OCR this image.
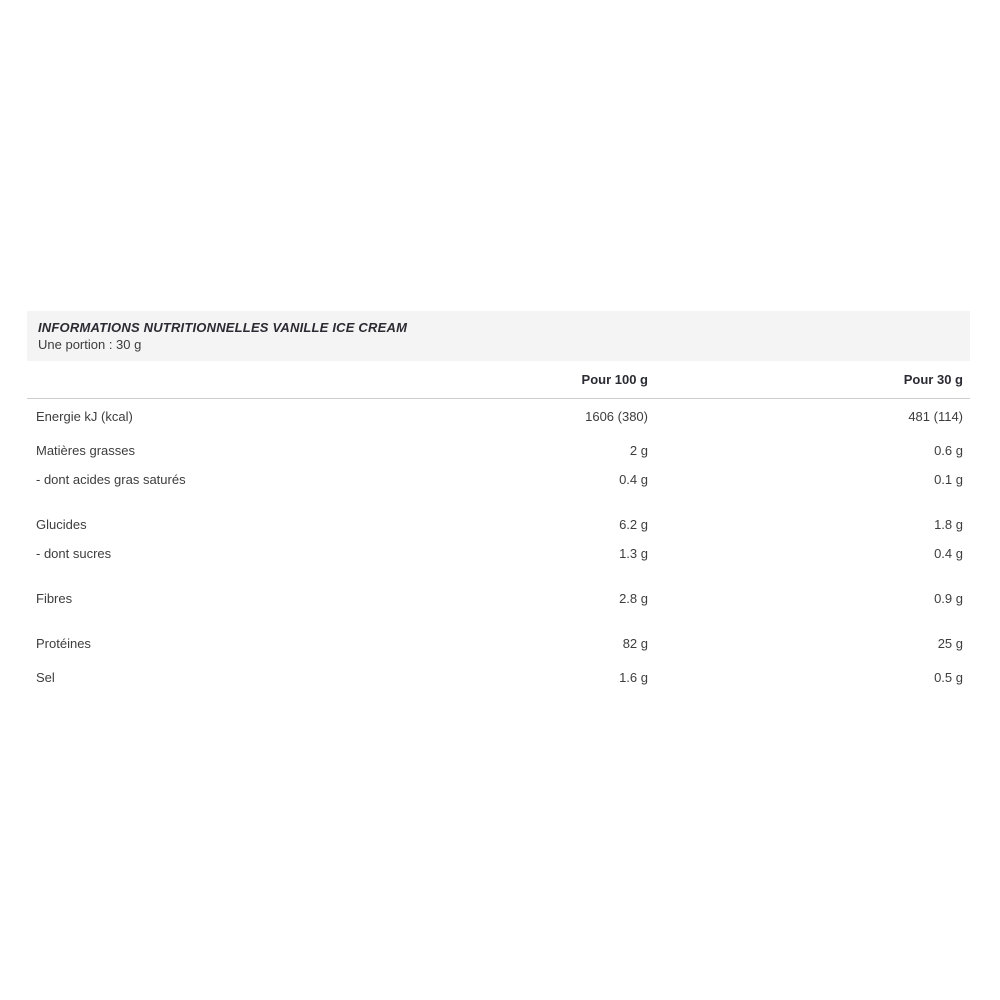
INFORMATIONS NUTRITIONNELLES VANILLE ICE CREAM
Une portion : 30 g
Pour 100 g	Pour 30 g
Energie kJ (kcal)	1606 (380)	481 (114)
Matières grasses	2 g	0.6 g
- dont acides gras saturés	0.4 g	0.1 g
Glucides	6.2 g	1.8 g
- dont sucres	1.3 g	0.4 g
Fibres	2.8 g	0.9 g
Protéines	82 g	25 g
Sel	1.6 g	0.5 g
